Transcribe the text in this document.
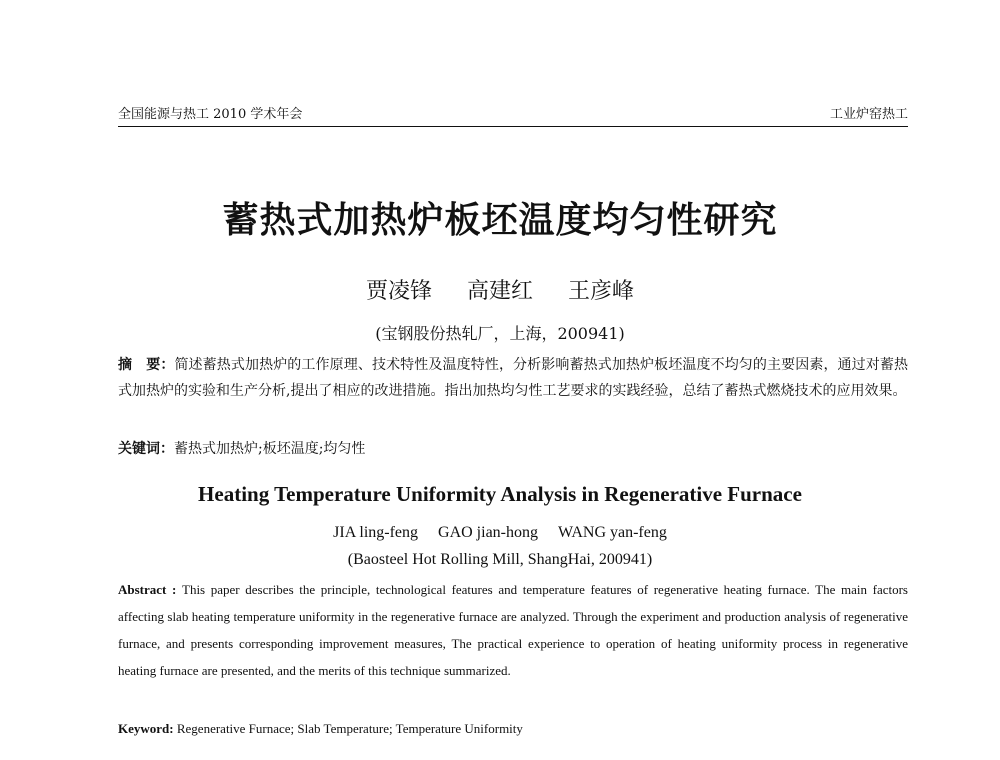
全国能源与热工 2010 学术年会	工业炉窑热工
蓄热式加热炉板坯温度均匀性研究
贾凌锋 高建红 王彦峰
(宝钢股份热轧厂，上海，200941)
摘　要：简述蓄热式加热炉的工作原理、技术特性及温度特性，分析影响蓄热式加热炉板坯温度不均匀的主要因素，通过对蓄热式加热炉的实验和生产分析,提出了相应的改进措施。指出加热均匀性工艺要求的实践经验，总结了蓄热式燃烧技术的应用效果。
关键词：蓄热式加热炉;板坯温度;均匀性
Heating Temperature Uniformity Analysis in Regenerative Furnace
JIA ling-feng GAO jian-hong WANG yan-feng
(Baosteel Hot Rolling Mill, ShangHai, 200941)
Abstract : This paper describes the principle, technological features and temperature features of regenerative heating furnace. The main factors affecting slab heating temperature uniformity in the regenerative furnace are analyzed. Through the experiment and production analysis of regenerative furnace, and presents corresponding improvement measures, The practical experience to operation of heating uniformity process in regenerative heating furnace are presented, and the merits of this technique summarized.
Keyword: Regenerative Furnace; Slab Temperature; Temperature Uniformity
